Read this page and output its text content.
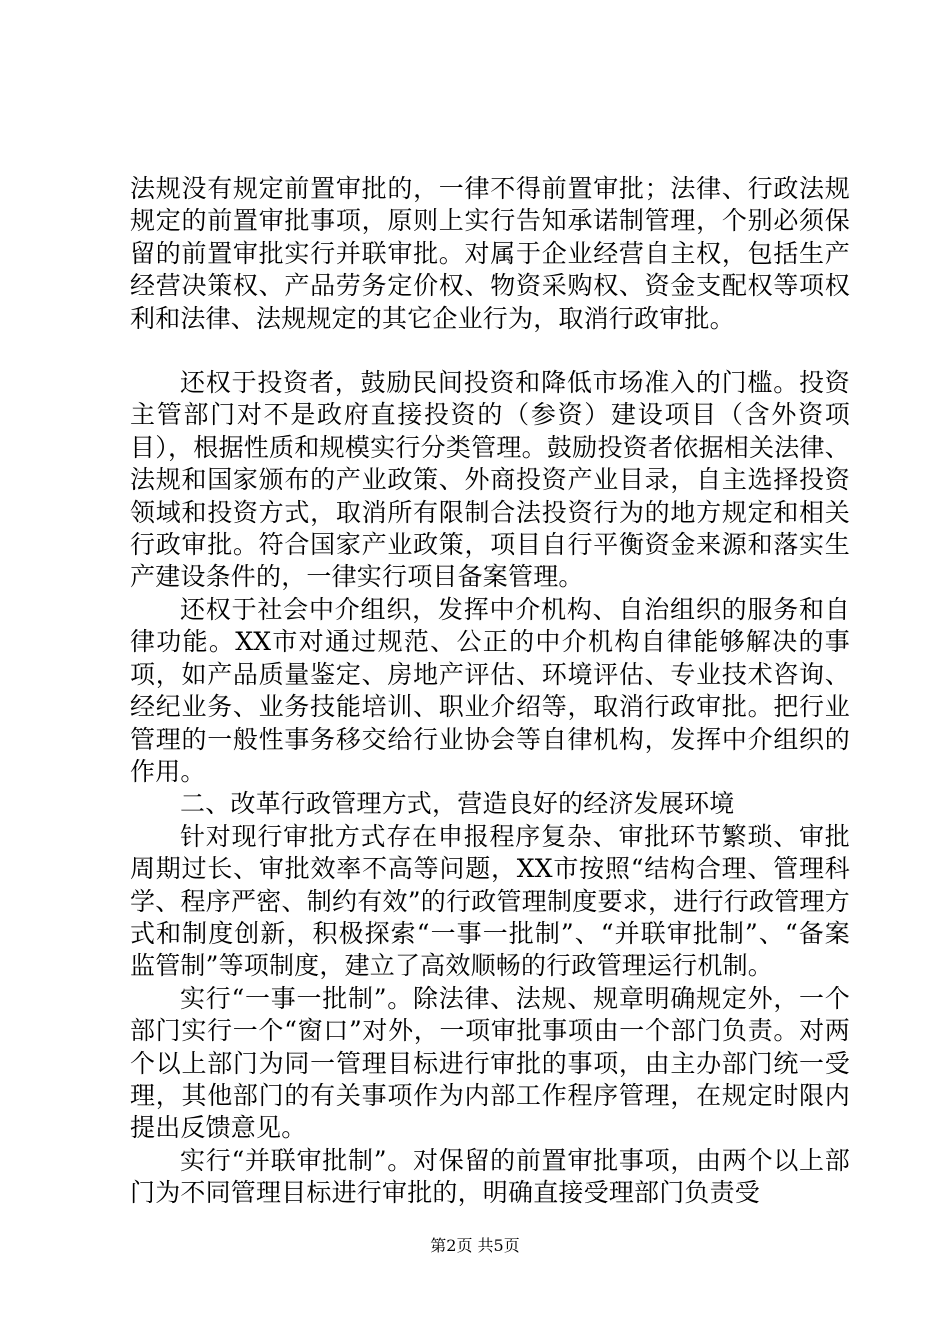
法规没有规定前置审批的，一律不得前置审批；法律、行政法规规定的前置审批事项，原则上实行告知承诺制管理，个别必须保留的前置审批实行并联审批。对属于企业经营自主权，包括生产经营决策权、产品劳务定价权、物资采购权、资金支配权等项权利和法律、法规规定的其它企业行为，取消行政审批。

还权于投资者，鼓励民间投资和降低市场准入的门槛。投资主管部门对不是政府直接投资的（参资）建设项目（含外资项目），根据性质和规模实行分类管理。鼓励投资者依据相关法律、法规和国家颁布的产业政策、外商投资产业目录，自主选择投资领域和投资方式，取消所有限制合法投资行为的地方规定和相关行政审批。符合国家产业政策，项目自行平衡资金来源和落实生产建设条件的，一律实行项目备案管理。

还权于社会中介组织，发挥中介机构、自治组织的服务和自律功能。XX市对通过规范、公正的中介机构自律能够解决的事项，如产品质量鉴定、房地产评估、环境评估、专业技术咨询、经纪业务、业务技能培训、职业介绍等，取消行政审批。把行业管理的一般性事务移交给行业协会等自律机构，发挥中介组织的作用。

二、改革行政管理方式，营造良好的经济发展环境

针对现行审批方式存在申报程序复杂、审批环节繁琐、审批周期过长、审批效率不高等问题，XX市按照“结构合理、管理科学、程序严密、制约有效”的行政管理制度要求，进行行政管理方式和制度创新，积极探索“一事一批制”、“并联审批制”、“备案监管制”等项制度，建立了高效顺畅的行政管理运行机制。

实行“一事一批制”。除法律、法规、规章明确规定外，一个部门实行一个“窗口”对外，一项审批事项由一个部门负责。对两个以上部门为同一管理目标进行审批的事项，由主办部门统一受理，其他部门的有关事项作为内部工作程序管理，在规定时限内提出反馈意见。

实行“并联审批制”。对保留的前置审批事项，由两个以上部门为不同管理目标进行审批的，明确直接受理部门负责受

第2页 共5页
